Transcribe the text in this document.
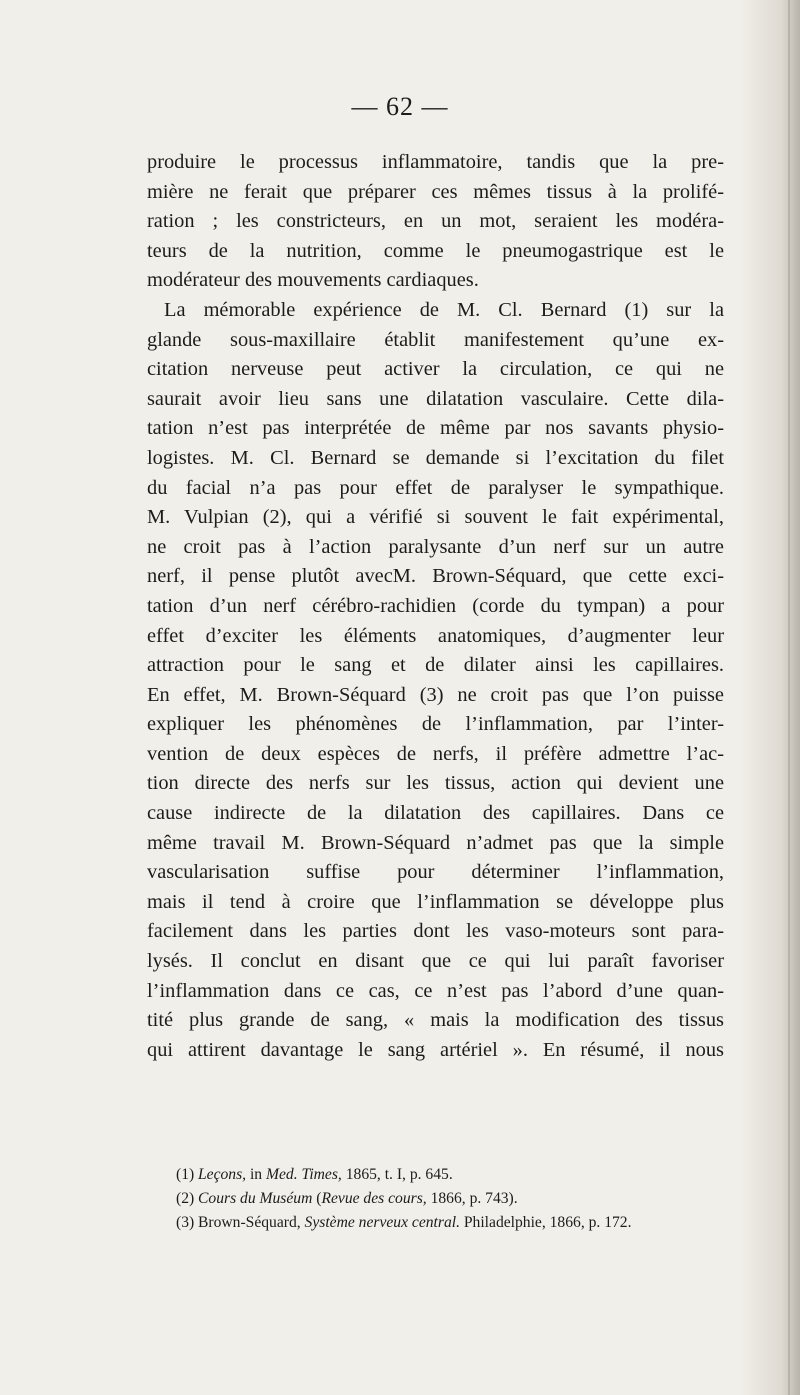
— 62 —
produire le processus inflammatoire, tandis que la pre-
mière ne ferait que préparer ces mêmes tissus à la prolifé-
ration ; les constricteurs, en un mot, seraient les modéra-
teurs de la nutrition, comme le pneumogastrique est le
modérateur des mouvements cardiaques.
La mémorable expérience de M. Cl. Bernard (1) sur la
glande sous-maxillaire établit manifestement qu’une ex-
citation nerveuse peut activer la circulation, ce qui ne
saurait avoir lieu sans une dilatation vasculaire. Cette dila-
tation n’est pas interprétée de même par nos savants physio-
logistes. M. Cl. Bernard se demande si l’excitation du filet
du facial n’a pas pour effet de paralyser le sympathique.
M. Vulpian (2), qui a vérifié si souvent le fait expérimental,
ne croit pas à l’action paralysante d’un nerf sur un autre
nerf, il pense plutôt avecM. Brown-Séquard, que cette exci-
tation d’un nerf cérébro-rachidien (corde du tympan) a pour
effet d’exciter les éléments anatomiques, d’augmenter leur
attraction pour le sang et de dilater ainsi les capillaires.
En effet, M. Brown-Séquard (3) ne croit pas que l’on puisse
expliquer les phénomènes de l’inflammation, par l’inter-
vention de deux espèces de nerfs, il préfère admettre l’ac-
tion directe des nerfs sur les tissus, action qui devient une
cause indirecte de la dilatation des capillaires. Dans ce
même travail M. Brown-Séquard n’admet pas que la simple
vascularisation suffise pour déterminer l’inflammation,
mais il tend à croire que l’inflammation se développe plus
facilement dans les parties dont les vaso-moteurs sont para-
lysés. Il conclut en disant que ce qui lui paraît favoriser
l’inflammation dans ce cas, ce n’est pas l’abord d’une quan-
tité plus grande de sang, « mais la modification des tissus
qui attirent davantage le sang artériel ». En résumé, il nous
(1) Leçons, in Med. Times, 1865, t. I, p. 645.
(2) Cours du Muséum (Revue des cours, 1866, p. 743).
(3) Brown-Séquard, Système nerveux central. Philadelphie, 1866, p. 172.
